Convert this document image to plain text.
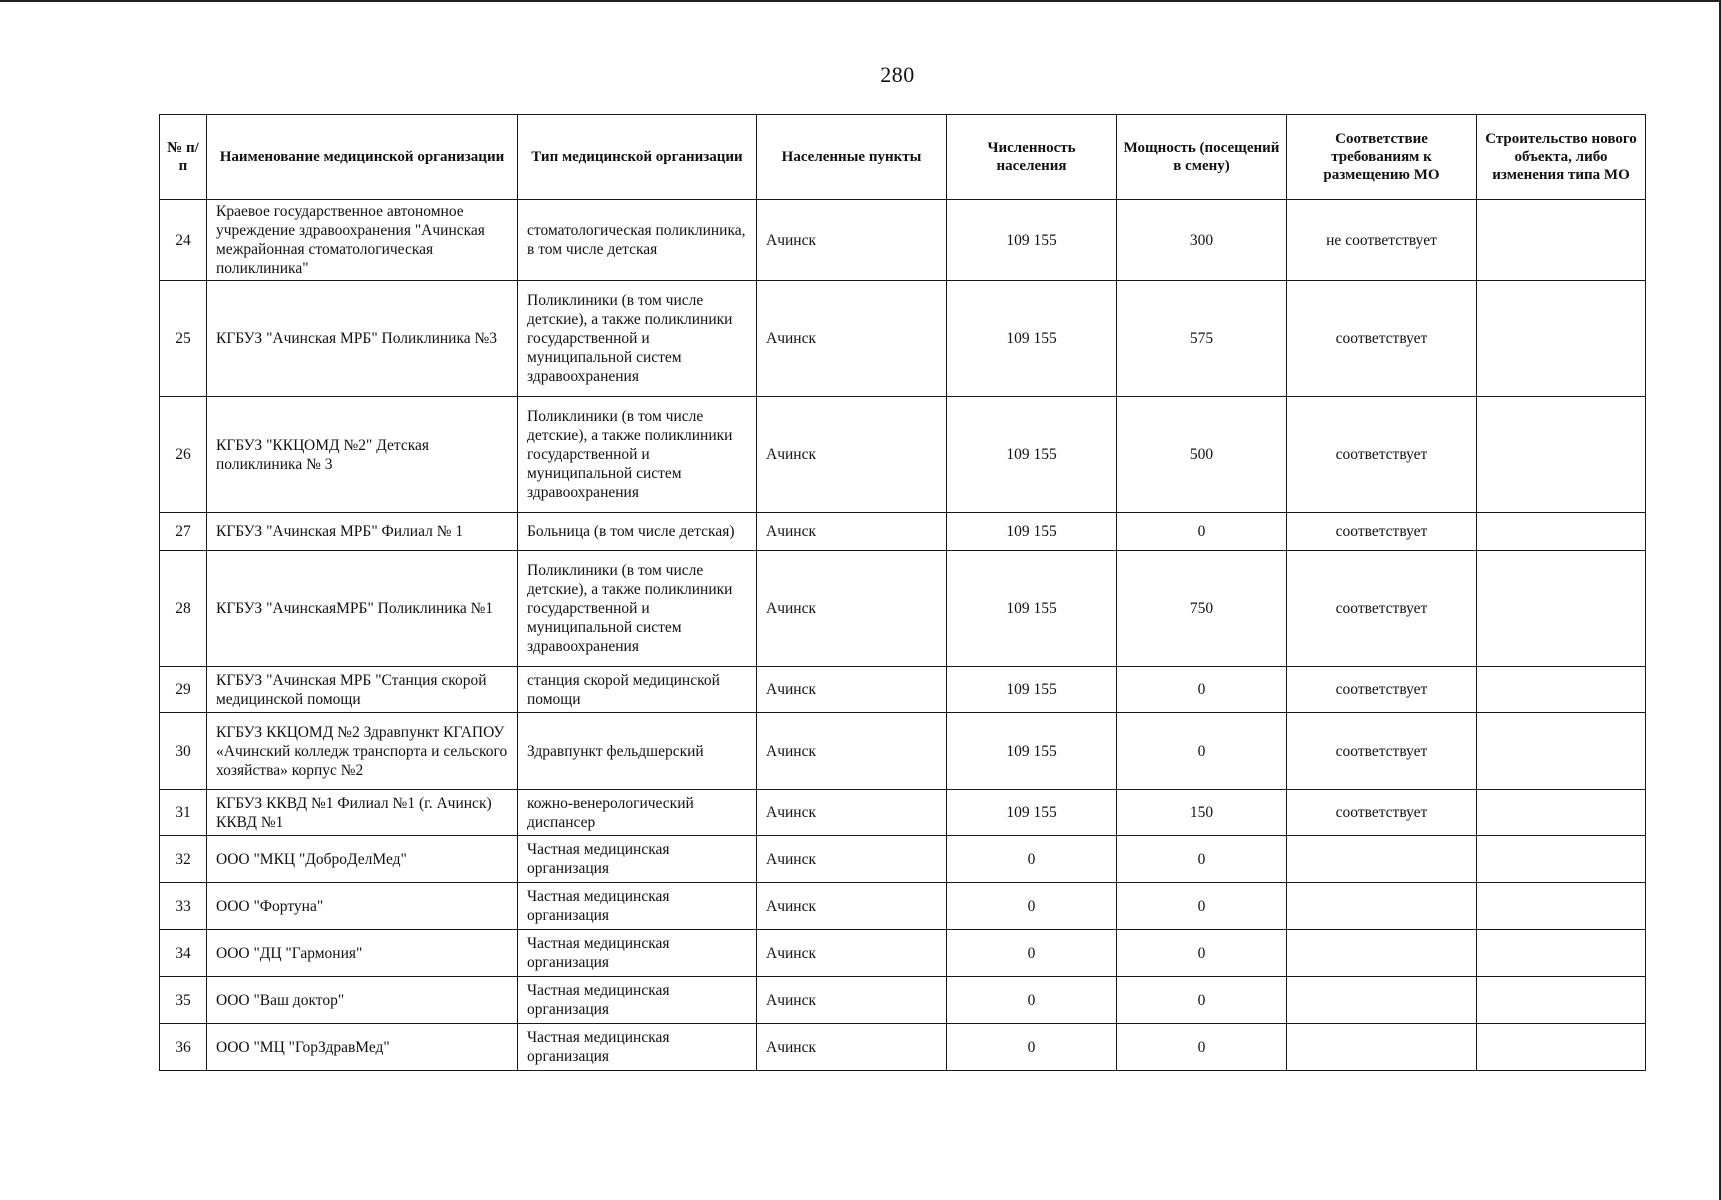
280
№ п/п	Наименование медицинской организации	Тип медицинской организации	Населенные пункты	Численность населения	Мощность (посещений в смену)	Соответствие требованиям к размещению МО	Строительство нового объекта, либо изменения типа МО
24	Краевое государственное автономное учреждение здравоохранения "Ачинская межрайонная стоматологическая поликлиника"	стоматологическая поликлиника, в том числе детская	Ачинск	109 155	300	не соответствует	
25	КГБУЗ "Ачинская МРБ" Поликлиника №3	Поликлиники (в том числе детские), а также поликлиники государственной и муниципальной систем здравоохранения	Ачинск	109 155	575	соответствует	
26	КГБУЗ "ККЦОМД №2" Детская поликлиника № 3	Поликлиники (в том числе детские), а также поликлиники государственной и муниципальной систем здравоохранения	Ачинск	109 155	500	соответствует	
27	КГБУЗ "Ачинская МРБ" Филиал № 1	Больница (в том числе детская)	Ачинск	109 155	0	соответствует	
28	КГБУЗ "АчинскаяМРБ" Поликлиника №1	Поликлиники (в том числе детские), а также поликлиники государственной и муниципальной систем здравоохранения	Ачинск	109 155	750	соответствует	
29	КГБУЗ "Ачинская МРБ "Станция скорой медицинской помощи	станция скорой медицинской помощи	Ачинск	109 155	0	соответствует	
30	КГБУЗ ККЦОМД №2 Здравпункт КГАПОУ «Ачинский колледж транспорта и сельского хозяйства» корпус №2	Здравпункт фельдшерский	Ачинск	109 155	0	соответствует	
31	КГБУЗ ККВД №1 Филиал №1 (г. Ачинск) ККВД №1	кожно-венерологический диспансер	Ачинск	109 155	150	соответствует	
32	ООО "МКЦ "ДоброДелМед"	Частная медицинская организация	Ачинск	0	0		
33	ООО "Фортуна"	Частная медицинская организация	Ачинск	0	0		
34	ООО "ДЦ "Гармония"	Частная медицинская организация	Ачинск	0	0		
35	ООО "Ваш доктор"	Частная медицинская организация	Ачинск	0	0		
36	ООО "МЦ "ГорЗдравМед"	Частная медицинская организация	Ачинск	0	0		
